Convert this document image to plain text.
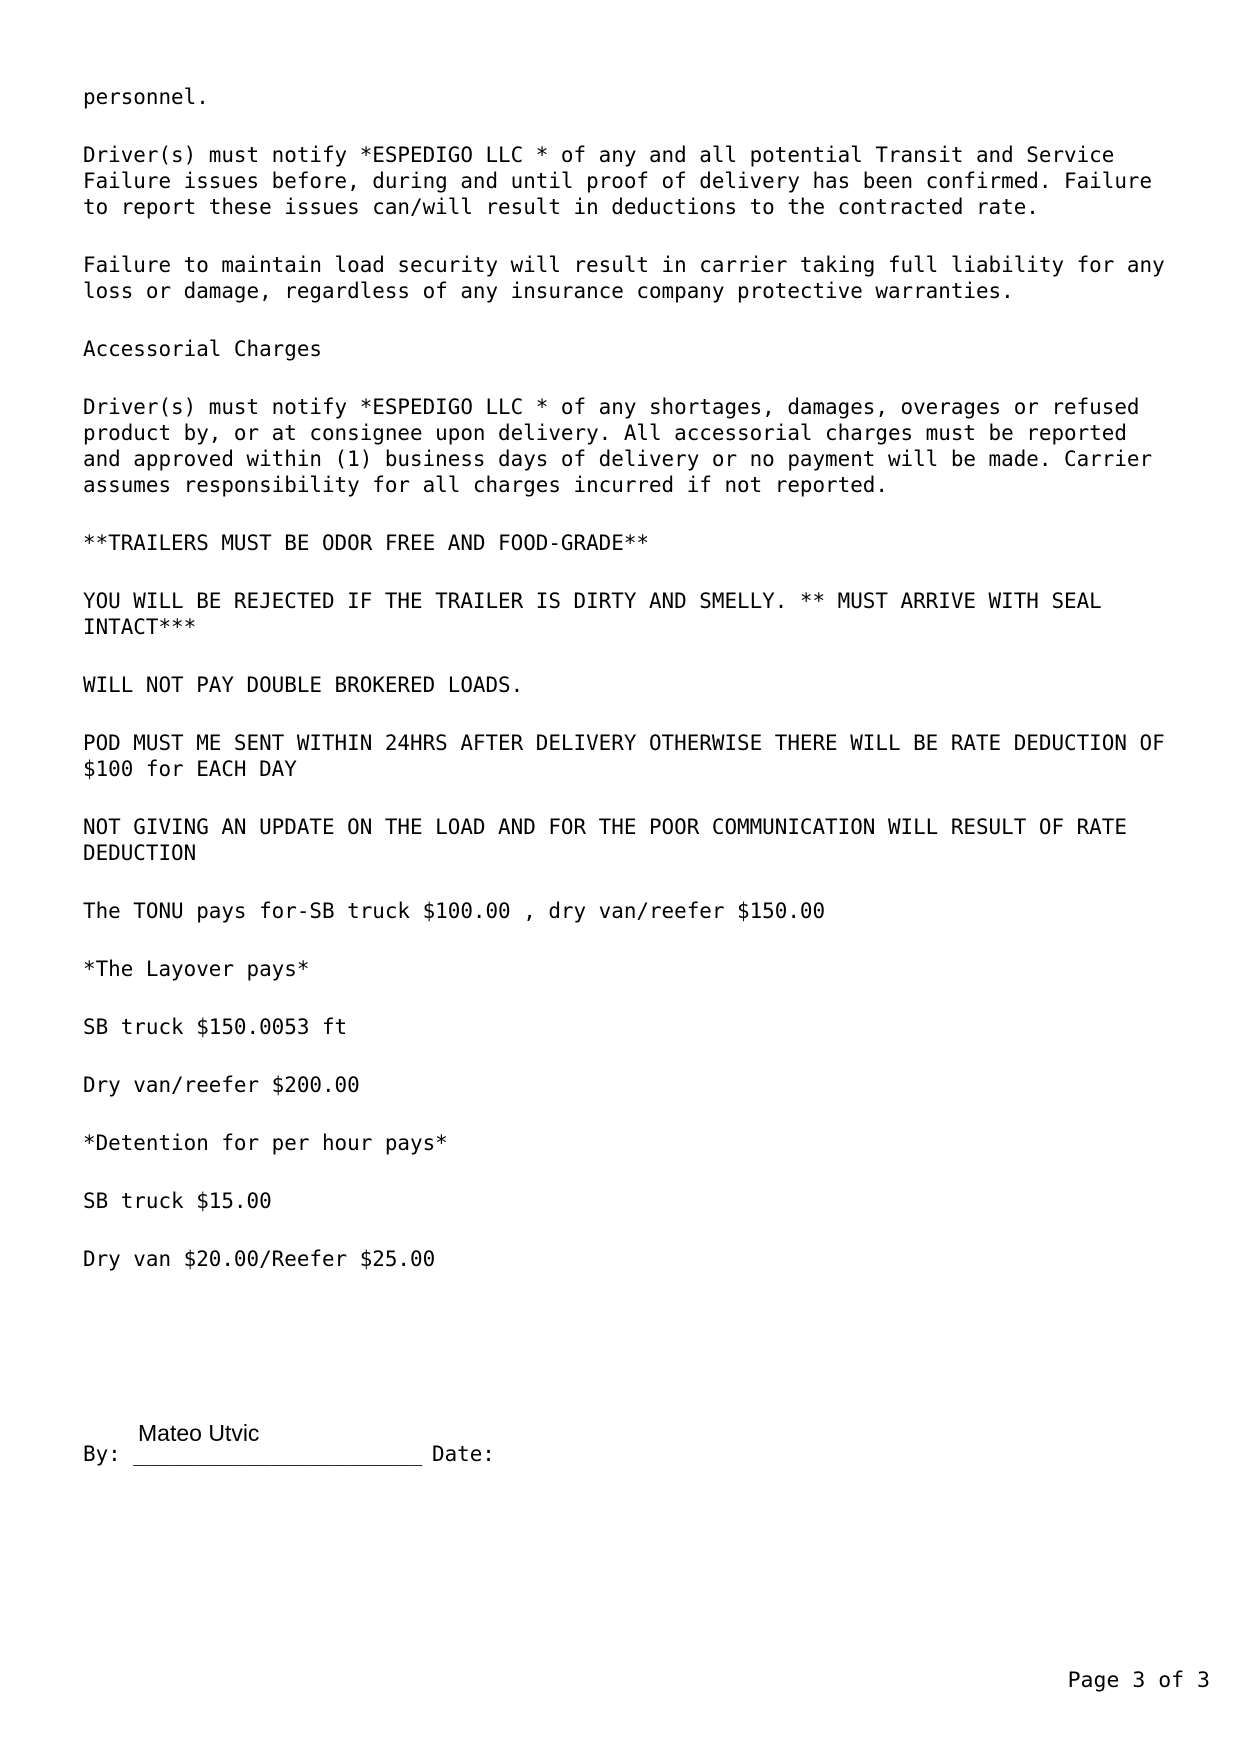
personnel.

Driver(s) must notify *ESPEDIGO LLC * of any and all potential Transit and Service
Failure issues before, during and until proof of delivery has been confirmed. Failure
to report these issues can/will result in deductions to the contracted rate.

Failure to maintain load security will result in carrier taking full liability for any
loss or damage, regardless of any insurance company protective warranties.

Accessorial Charges

Driver(s) must notify *ESPEDIGO LLC * of any shortages, damages, overages or refused
product by, or at consignee upon delivery. All accessorial charges must be reported
and approved within (1) business days of delivery or no payment will be made. Carrier
assumes responsibility for all charges incurred if not reported.

**TRAILERS MUST BE ODOR FREE AND FOOD-GRADE**

YOU WILL BE REJECTED IF THE TRAILER IS DIRTY AND SMELLY. ** MUST ARRIVE WITH SEAL
INTACT***

WILL NOT PAY DOUBLE BROKERED LOADS.

POD MUST ME SENT WITHIN 24HRS AFTER DELIVERY OTHERWISE THERE WILL BE RATE DEDUCTION OF
$100 for EACH DAY

NOT GIVING AN UPDATE ON THE LOAD AND FOR THE POOR COMMUNICATION WILL RESULT OF RATE
DEDUCTION

The TONU pays for-SB truck $100.00 , dry van/reefer $150.00

*The Layover pays*

SB truck $150.0053 ft

Dry van/reefer $200.00

*Detention for per hour pays*

SB truck $15.00

Dry van $20.00/Reefer $25.00

By:
Mateo Utvic
_______________________ Date:
Page 3 of 3
